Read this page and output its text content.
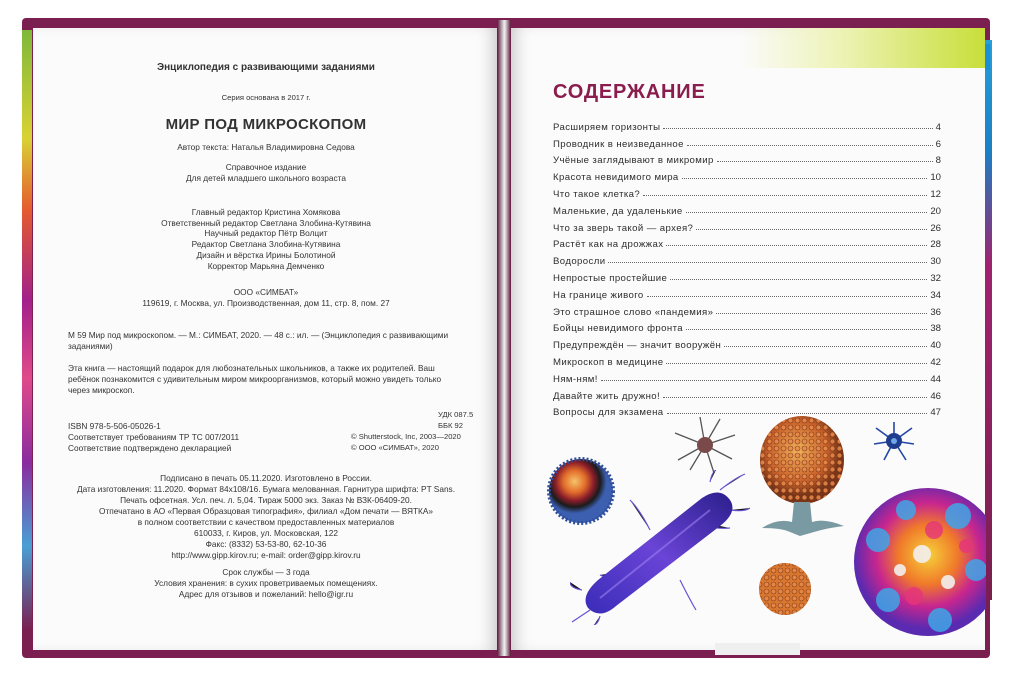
Энциклопедия с развивающими заданиями
Серия основана в 2017 г.
МИР ПОД МИКРОСКОПОМ
Автор текста: Наталья Владимировна Седова
Справочное издание
Для детей младшего школьного возраста
Главный редактор Кристина Хомякова
Ответственный редактор Светлана Злобина-Кутявина
Научный редактор Пётр Волцит
Редактор Светлана Злобина-Кутявина
Дизайн и вёрстка Ирины Болотиной
Корректор Марьяна Демченко
ООО «СИМБАТ»
119619, г. Москва, ул. Производственная, дом 11, стр. 8, пом. 27
М 59 Мир под микроскопом. — М.: СИМБАТ, 2020. — 48 с.: ил. — (Энциклопедия с развивающими
заданиями)
Эта книга — настоящий подарок для любознательных школьников, а также их родителей. Ваш
ребёнок познакомится с удивительным миром микроорганизмов, который можно увидеть только
через микроскоп.
УДК 087.5
ББК 92
ISBN 978-5-506-05026-1
Соответствует требованиям ТР ТС 007/2011
Соответствие подтверждено декларацией
© Shutterstock, Inc, 2003—2020
© ООО «СИМБАТ», 2020
Подписано в печать 05.11.2020. Изготовлено в России.
Дата изготовления: 11.2020. Формат 84х108/16. Бумага мелованная. Гарнитура шрифта: PT Sans.
Печать офсетная. Усл. печ. л. 5,04. Тираж 5000 экз. Заказ № ВЗК-06409-20.
Отпечатано в АО «Первая Образцовая типография», филиал «Дом печати — ВЯТКА»
в полном соответствии с качеством предоставленных материалов
610033, г. Киров, ул. Московская, 122
Факс: (8332) 53-53-80, 62-10-36
http://www.gipp.kirov.ru; e-mail: order@gipp.kirov.ru
Срок службы — 3 года
Условия хранения: в сухих проветриваемых помещениях.
Адрес для отзывов и пожеланий: hello@igr.ru
СОДЕРЖАНИЕ
Расширяем горизонты	4
Проводник в неизведанное	6
Учёные заглядывают в микромир	8
Красота невидимого мира	10
Что такое клетка?	12
Маленькие, да удаленькие	20
Что за зверь такой — архея?	26
Растёт как на дрожжах	28
Водоросли	30
Непростые простейшие	32
На границе живого	34
Это страшное слово «пандемия»	36
Бойцы невидимого фронта	38
Предупреждён — значит вооружён	40
Микроскоп в медицине	42
Ням-ням!	44
Давайте жить дружно!	46
Вопросы для экзамена	47
